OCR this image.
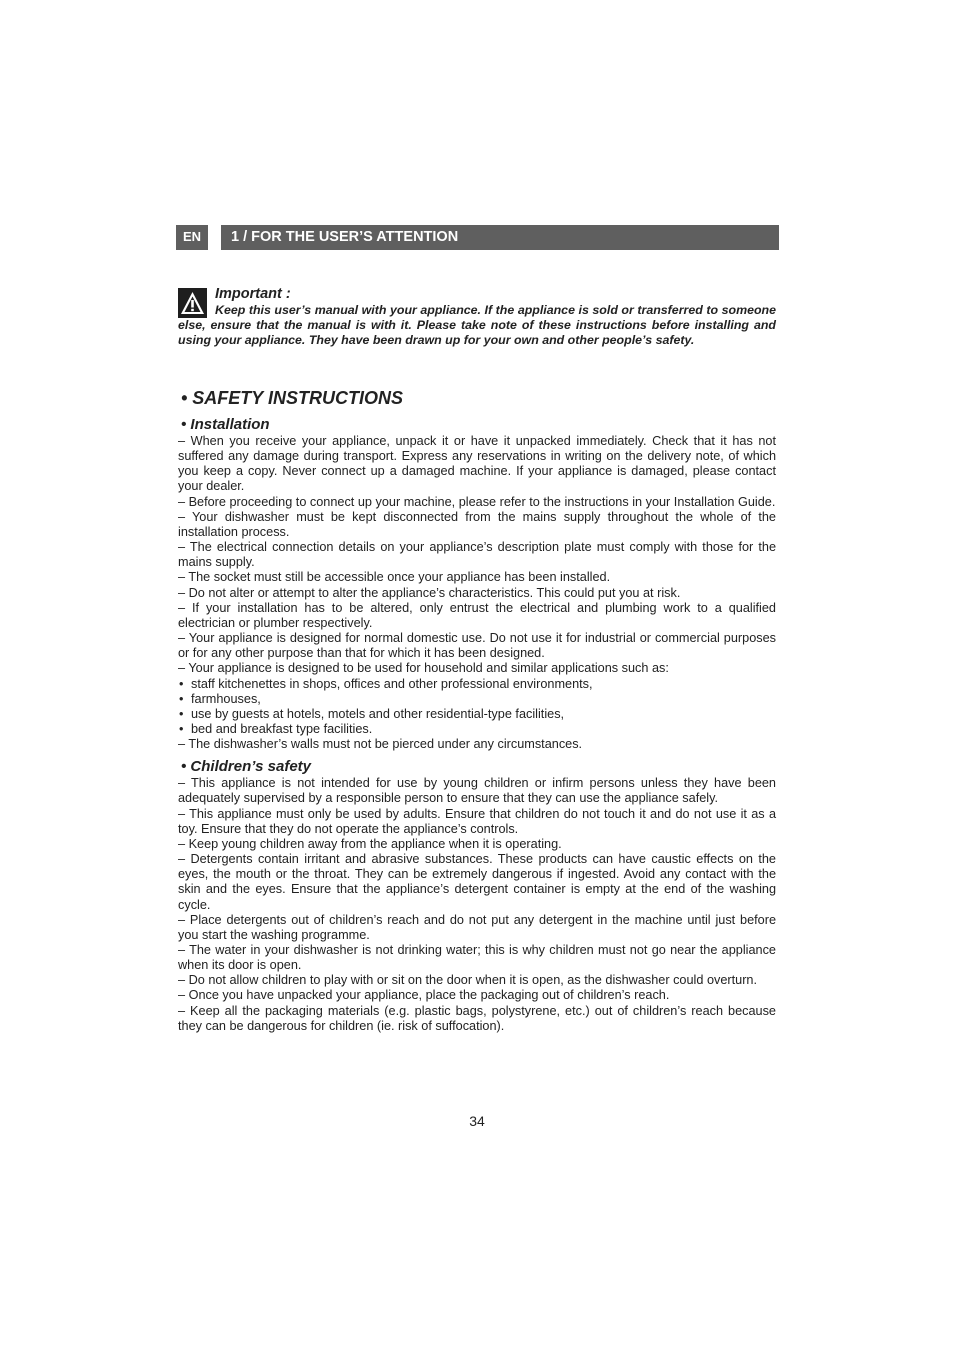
EN	1 / FOR THE USER’S ATTENTION
Important :
Keep this user’s manual with your appliance. If the appliance is sold or transferred to someone else, ensure that the manual is with it. Please take note of these instructions before installing and using your appliance. They have been drawn up for your own and other people’s safety.
• SAFETY INSTRUCTIONS
• Installation
– When you receive your appliance, unpack it or have it unpacked immediately. Check that it has not suffered any damage during transport. Express any reservations in writing on the delivery note, of which you keep a copy. Never connect up a damaged machine. If your appliance is damaged, please contact your dealer.
– Before proceeding to connect up your machine, please refer to the instructions in your Installation Guide.
– Your dishwasher must be kept disconnected from the mains supply throughout the whole of the installation process.
– The electrical connection details on your appliance’s description plate must comply with those for the mains supply.
– The socket must still be accessible once your appliance has been installed.
– Do not alter or attempt to alter the appliance’s characteristics. This could put you at risk.
– If your installation has to be altered, only entrust the electrical and plumbing work to a qualified electrician or plumber respectively.
– Your appliance is designed for normal domestic use. Do not use it for industrial or commercial purposes or for any other purpose than that for which it has been designed.
– Your appliance is designed to be used for household and similar applications such as:
• staff kitchenettes in shops, offices and other professional environments,
• farmhouses,
• use by guests at hotels, motels and other residential-type facilities,
• bed and breakfast type facilities.
– The dishwasher’s walls must not be pierced under any circumstances.
• Children’s safety
– This appliance is not intended for use by young children or infirm persons unless they have been adequately supervised by a responsible person to ensure that they can use the appliance safely.
– This appliance must only be used by adults. Ensure that children do not touch it and do not use it as a toy. Ensure that they do not operate the appliance’s controls.
– Keep young children away from the appliance when it is operating.
– Detergents contain irritant and abrasive substances. These products can have caustic effects on the eyes, the mouth or the throat. They can be extremely dangerous if ingested. Avoid any contact with the skin and the eyes. Ensure that the appliance’s detergent container is empty at the end of the washing cycle.
– Place detergents out of children’s reach and do not put any detergent in the machine until just before you start the washing programme.
– The water in your dishwasher is not drinking water; this is why children must not go near the appliance when its door is open.
– Do not allow children to play with or sit on the door when it is open, as the dishwasher could overturn.
– Once you have unpacked your appliance, place the packaging out of children’s reach.
– Keep all the packaging materials (e.g. plastic bags, polystyrene, etc.) out of children’s reach because they can be dangerous for children (ie. risk of suffocation).
34
